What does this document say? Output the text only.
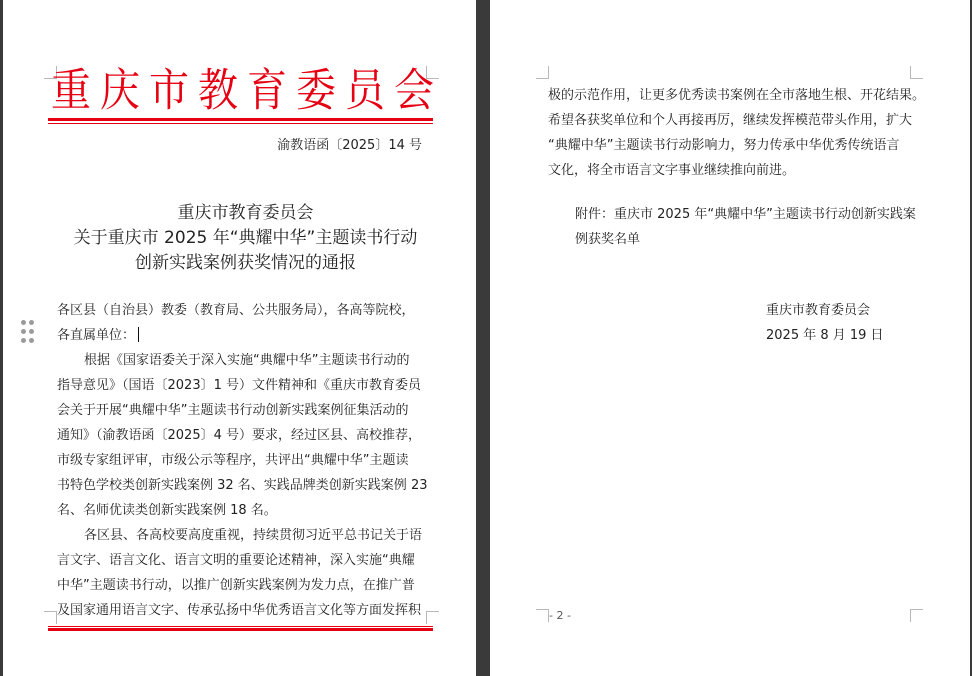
重庆市教育委员会
渝教语函〔2025〕14 号
重庆市教育委员会
关于重庆市 2025 年“典耀中华”主题读书行动
创新实践案例获奖情况的通报
各区县（自治县）教委（教育局、公共服务局），各高等院校，
各直属单位：
根据《国家语委关于深入实施“典耀中华”主题读书行动的
指导意见》（国语〔2023〕1 号）文件精神和《重庆市教育委员
会关于开展“典耀中华”主题读书行动创新实践案例征集活动的
通知》（渝教语函〔2025〕4 号）要求，经过区县、高校推荐，
市级专家组评审，市级公示等程序，共评出“典耀中华”主题读
书特色学校类创新实践案例 32 名、实践品牌类创新实践案例 23
名、名师优读类创新实践案例 18 名。
各区县、各高校要高度重视，持续贯彻习近平总书记关于语
言文字、语言文化、语言文明的重要论述精神，深入实施“典耀
中华”主题读书行动，以推广创新实践案例为发力点，在推广普
及国家通用语言文字、传承弘扬中华优秀语言文化等方面发挥积
极的示范作用，让更多优秀读书案例在全市落地生根、开花结果。
希望各获奖单位和个人再接再厉，继续发挥模范带头作用，扩大
“典耀中华”主题读书行动影响力，努力传承中华优秀传统语言
文化，将全市语言文字事业继续推向前进。
附件：重庆市 2025 年“典耀中华”主题读书行动创新实践案
例获奖名单
重庆市教育委员会
2025 年 8 月 19 日
- 2 -
